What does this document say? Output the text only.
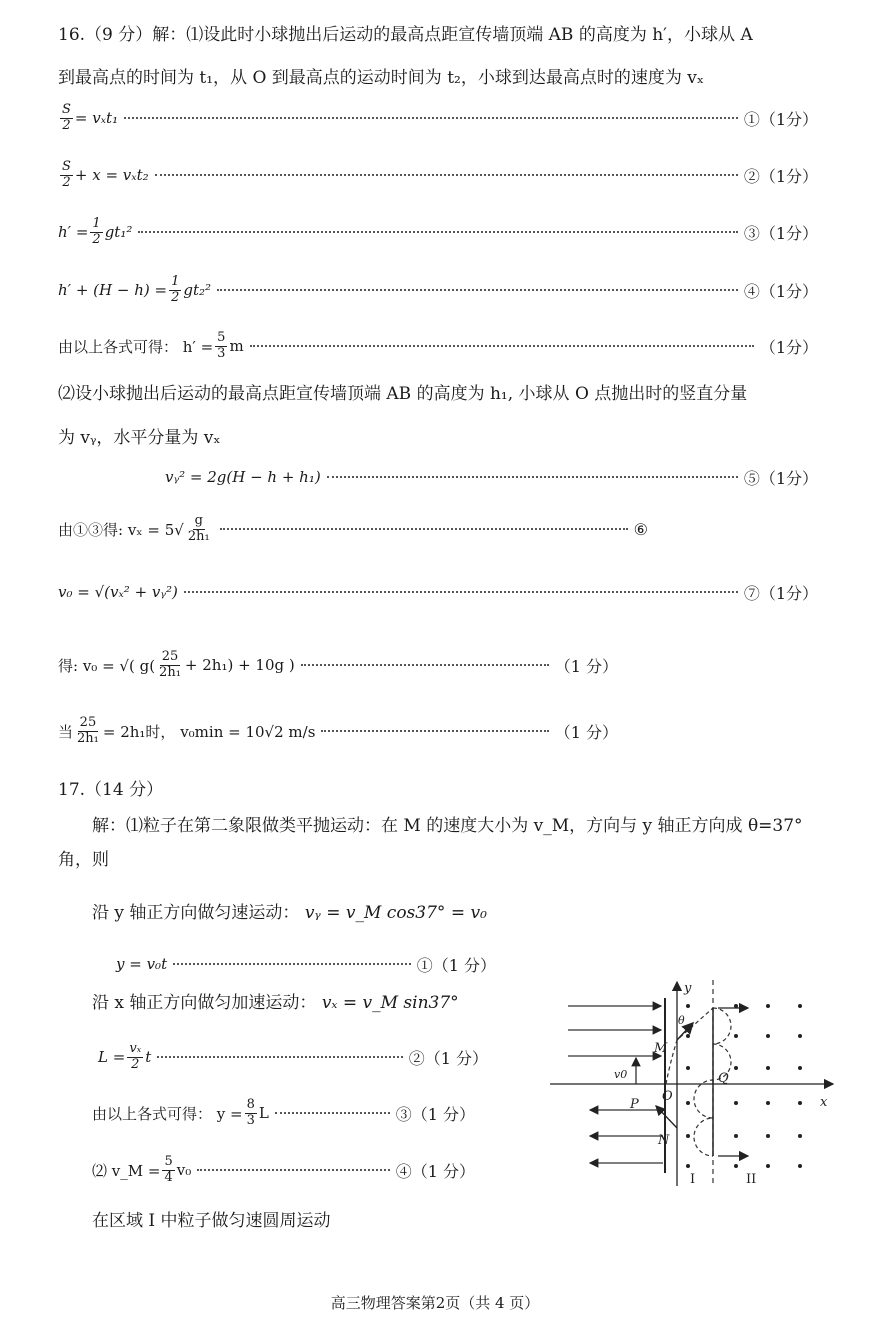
16.（9 分）解：⑴设此时小球抛出后运动的最高点距宣传墙顶端 AB 的高度为 h′，小球从 A
到最高点的时间为 t₁，从 O 到最高点的运动时间为 t₂，小球到达最高点时的速度为 vₓ
$\frac{S}{2} = v_xt_1$	①（1分）
$\frac{S}{2} + x = v_xt_2$	②（1分）
$h' = \frac{1}{2} gt_1^2$	③（1分）
$h' + (H - h) = \frac{1}{2} gt_2^2$	④（1分）
由以上各式可得： $h' = \frac{5}{3}$ m	（1分）
⑵设小球抛出后运动的最高点距宣传墙顶端 AB 的高度为 h₁, 小球从 O 点抛出时的竖直分量
为 vᵧ，水平分量为 vₓ
vᵧ² = 2g(H − h + h₁)	⑤（1分）
由①③得: $v_x = 5√ \frac{g}{\text{2h₁}}$	⑥
v₀ = √(vₓ² + vᵧ²)	⑦（1分）
得: v₀ = √( $g( \frac{25}{\text{2h₁}} + 2h_1) + 10g$ )	（1 分）
当 $\frac{25}{\text{2h₁}} = 2h_1$时， v₀min = 10√2 m/s	（1 分）
17.（14 分）
解：⑴粒子在第二象限做类平抛运动：在 M 的速度大小为 v_M，方向与 y 轴正方向成 θ=37°
角，则
沿 y 轴正方向做匀速运动： vᵧ = v_M cos37° = v₀
y = v₀t	①（1 分）
沿 x 轴正方向做匀加速运动： vₓ = v_M sin37°
$L = \frac{\text{vₓ}}{2}$ t	②（1 分）
由以上各式可得： $y = \frac{8}{3}$ L	③（1 分）
⑵ v_M = $\frac{5}{4} v_0$	④（1 分）
在区域 I 中粒子做匀速圆周运动
y
x
M
O
Q
P
N
v0
θ
I	II
高三物理答案第2页（共 4 页）
